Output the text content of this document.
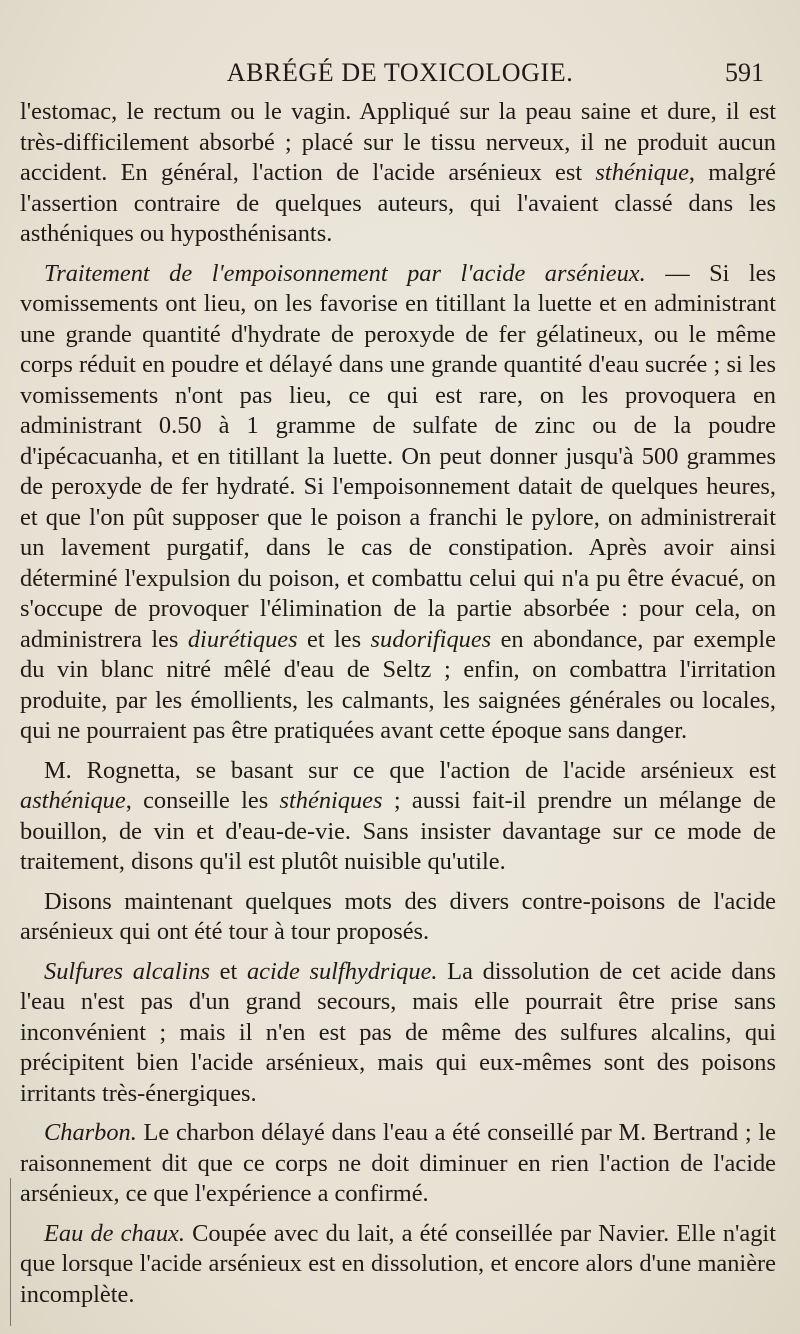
ABRÉGÉ DE TOXICOLOGIE.	591

l'estomac, le rectum ou le vagin. Appliqué sur la peau saine et dure, il est très-difficilement absorbé ; placé sur le tissu nerveux, il ne produit aucun accident. En général, l'action de l'acide arsénieux est sthénique, malgré l'assertion contraire de quelques auteurs, qui l'avaient classé dans les asthéniques ou hyposthénisants.

Traitement de l'empoisonnement par l'acide arsénieux. — Si les vomissements ont lieu, on les favorise en titillant la luette et en administrant une grande quantité d'hydrate de peroxyde de fer gélatineux, ou le même corps réduit en poudre et délayé dans une grande quantité d'eau sucrée ; si les vomissements n'ont pas lieu, ce qui est rare, on les provoquera en administrant 0.50 à 1 gramme de sulfate de zinc ou de la poudre d'ipécacuanha, et en titillant la luette. On peut donner jusqu'à 500 grammes de peroxyde de fer hydraté. Si l'empoisonnement datait de quelques heures, et que l'on pût supposer que le poison a franchi le pylore, on administrerait un lavement purgatif, dans le cas de constipation. Après avoir ainsi déterminé l'expulsion du poison, et combattu celui qui n'a pu être évacué, on s'occupe de provoquer l'élimination de la partie absorbée : pour cela, on administrera les diurétiques et les sudorifiques en abondance, par exemple du vin blanc nitré mêlé d'eau de Seltz ; enfin, on combattra l'irritation produite, par les émollients, les calmants, les saignées générales ou locales, qui ne pourraient pas être pratiquées avant cette époque sans danger.

M. Rognetta, se basant sur ce que l'action de l'acide arsénieux est asthénique, conseille les sthéniques ; aussi fait-il prendre un mélange de bouillon, de vin et d'eau-de-vie. Sans insister davantage sur ce mode de traitement, disons qu'il est plutôt nuisible qu'utile.

Disons maintenant quelques mots des divers contre-poisons de l'acide arsénieux qui ont été tour à tour proposés.

Sulfures alcalins et acide sulfhydrique. La dissolution de cet acide dans l'eau n'est pas d'un grand secours, mais elle pourrait être prise sans inconvénient ; mais il n'en est pas de même des sulfures alcalins, qui précipitent bien l'acide arsénieux, mais qui eux-mêmes sont des poisons irritants très-énergiques.

Charbon. Le charbon délayé dans l'eau a été conseillé par M. Bertrand ; le raisonnement dit que ce corps ne doit diminuer en rien l'action de l'acide arsénieux, ce que l'expérience a confirmé.

Eau de chaux. Coupée avec du lait, a été conseillée par Navier. Elle n'agit que lorsque l'acide arsénieux est en dissolution, et encore alors d'une manière incomplète.
